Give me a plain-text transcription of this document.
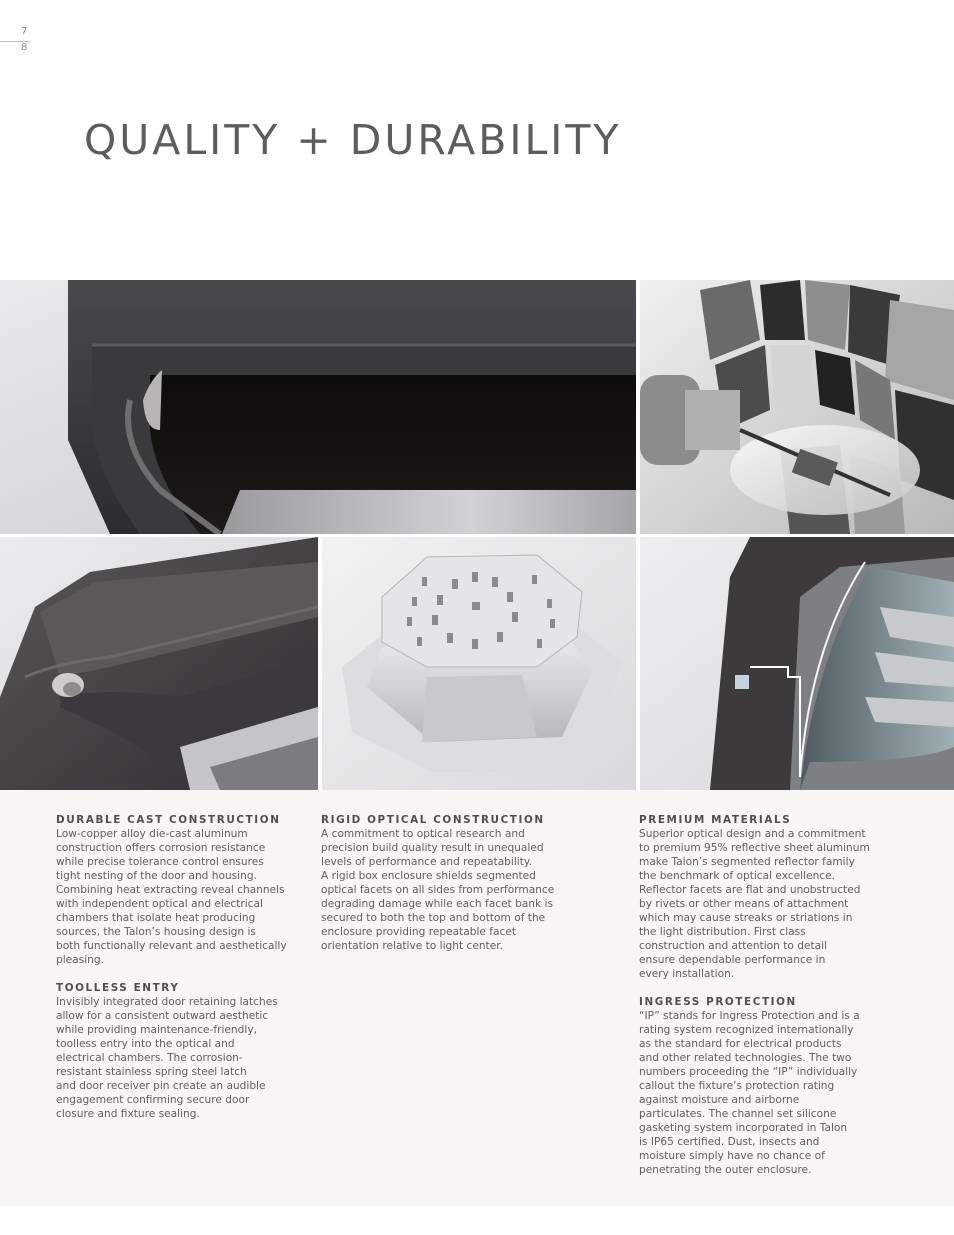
7
8
QUALITY + DURABILITY
DURABLE CAST CONSTRUCTION

Low-copper alloy die-cast aluminum
construction offers corrosion resistance
while precise tolerance control ensures
tight nesting of the door and housing.
Combining heat extracting reveal channels
with independent optical and electrical
chambers that isolate heat producing
sources, the Talon’s housing design is
both functionally relevant and aesthetically
pleasing.

TOOLLESS ENTRY

Invisibly integrated door retaining latches
allow for a consistent outward aesthetic
while providing maintenance-friendly,
toolless entry into the optical and
electrical chambers. The corrosion-
resistant stainless spring steel latch
and door receiver pin create an audible
engagement confirming secure door
closure and fixture sealing.

RIGID OPTICAL CONSTRUCTION

A commitment to optical research and
precision build quality result in unequaled
levels of performance and repeatability.
A rigid box enclosure shields segmented
optical facets on all sides from performance
degrading damage while each facet bank is
secured to both the top and bottom of the
enclosure providing repeatable facet
orientation relative to light center.

PREMIUM MATERIALS

Superior optical design and a commitment
to premium 95% reflective sheet aluminum
make Talon’s segmented reflector family
the benchmark of optical excellence.
Reflector facets are flat and unobstructed
by rivets or other means of attachment
which may cause streaks or striations in
the light distribution. First class
construction and attention to detail
ensure dependable performance in
every installation.

INGRESS PROTECTION

“IP” stands for Ingress Protection and is a
rating system recognized internationally
as the standard for electrical products
and other related technologies. The two
numbers proceeding the “IP” individually
callout the fixture’s protection rating
against moisture and airborne
particulates. The channel set silicone
gasketing system incorporated in Talon
is IP65 certified. Dust, insects and
moisture simply have no chance of
penetrating the outer enclosure.
